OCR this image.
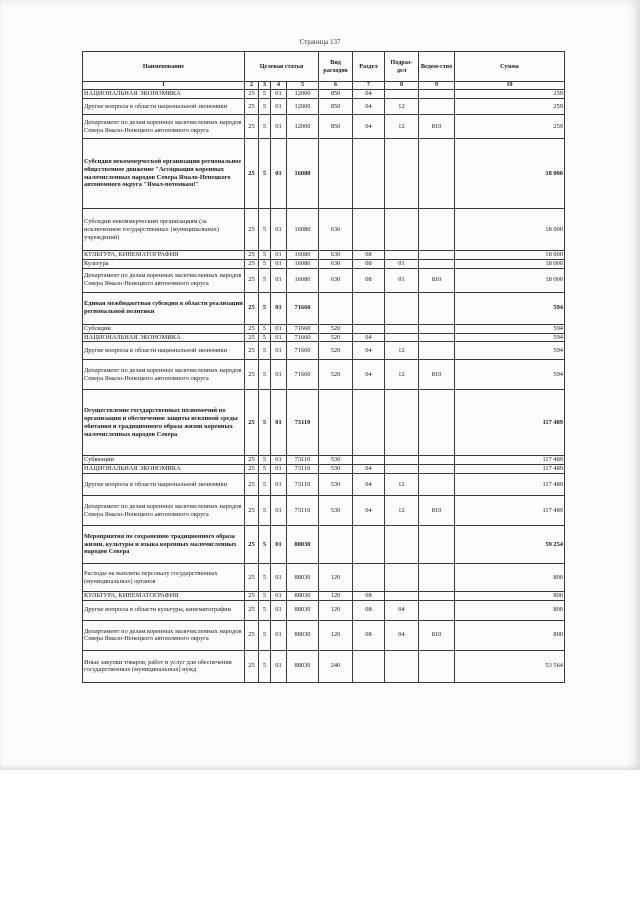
Страница 137
Наименование	Целевая статья				Вид расходов	Раздел	Подраз-дел	Ведом-ство	Сумма
1	2	3	4	5	6	7	8	9	10
НАЦИОНАЛЬНАЯ ЭКОНОМИКА	25	5	01	12000	850	04			259
Другие вопросы в области национальной экономики	25	5	01	12000	850	04	12		259
Департамент по делам коренных малочисленных народов Севера Ямало-Ненецкого автономного округа	25	5	01	12000	850	04	12	810	259
Субсидия некоммерческой организации региональное общественное движение "Ассоциация коренных малочисленных народов Севера Ямало-Ненецкого автономного округа "Ямал-потомкам!"	25	5	01	16080					18 000
Субсидии некоммерческим организациям (за исключением государственных (муниципальных) учреждений)	25	5	01	16080	630				18 000
КУЛЬТУРА, КИНЕМАТОГРАФИЯ	25	5	01	16080	630	08			18 000
Культура	25	5	01	16080	630	08	01		18 000
Департамент по делам коренных малочисленных народов Севера Ямало-Ненецкого автономного округа	25	5	01	16080	630	08	01	810	18 000
Единая межбюджетная субсидия в области реализации региональной политики	25	5	01	71660					594
Субсидии	25	5	01	71660	520				594
НАЦИОНАЛЬНАЯ ЭКОНОМИКА	25	5	01	71660	520	04			594
Другие вопросы в области национальной экономики	25	5	01	71660	520	04	12		594
Департамент по делам коренных малочисленных народов Севера Ямало-Ненецкого автономного округа	25	5	01	71660	520	04	12	810	594
Осуществление государственных полномочий по организации и обеспечению защиты исконной среды обитания и традиционного образа жизни коренных малочисленных народов Севера	25	5	01	73110					117 489
Субвенции	25	5	01	73110	530				117 489
НАЦИОНАЛЬНАЯ ЭКОНОМИКА	25	5	01	73110	530	04			117 489
Другие вопросы в области национальной экономики	25	5	01	73110	530	04	12		117 489
Департамент по делам коренных малочисленных народов Севера Ямало-Ненецкого автономного округа	25	5	01	73110	530	04	12	810	117 489
Мероприятия по сохранению традиционного образа жизни, культуры и языка коренных малочисленных народов Севера	25	5	01	88030					59 254
Расходы на выплаты персоналу государственных (муниципальных) органов	25	5	01	88030	120				800
КУЛЬТУРА, КИНЕМАТОГРАФИЯ	25	5	01	88030	120	08			800
Другие вопросы в области культуры, кинематографии	25	5	01	88030	120	08	04		800
Департамент по делам коренных малочисленных народов Севера Ямало-Ненецкого автономного округа	25	5	01	88030	120	08	04	810	800
Иные закупки товаров, работ и услуг для обеспечения государственных (муниципальных) нужд	25	5	01	88030	240				53 564
